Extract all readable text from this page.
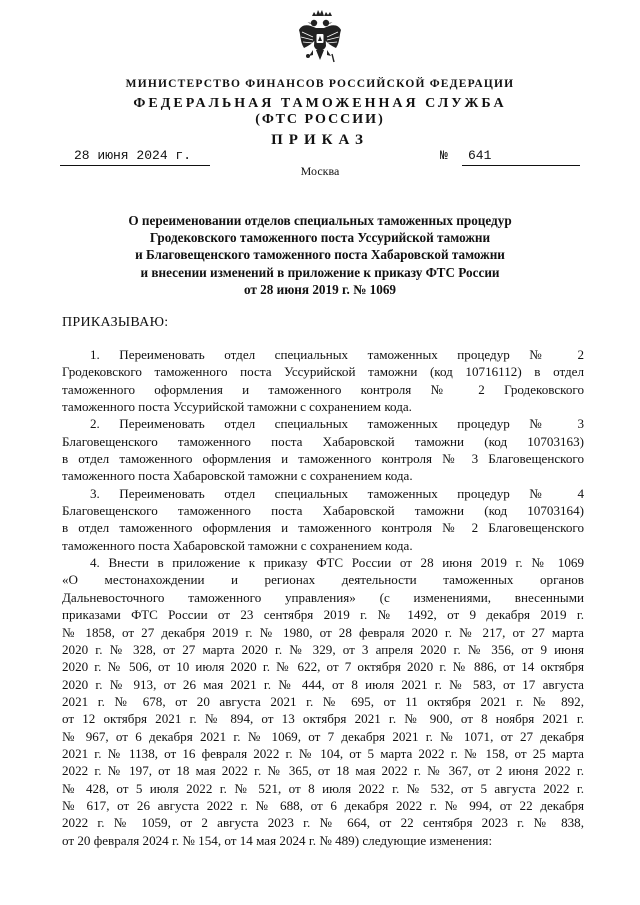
МИНИСТЕРСТВО ФИНАНСОВ РОССИЙСКОЙ ФЕДЕРАЦИИ
ФЕДЕРАЛЬНАЯ ТАМОЖЕННАЯ СЛУЖБА
(ФТС РОССИИ)
ПРИКАЗ
28 июня 2024 г.	№	641
Москва
О переименовании отделов специальных таможенных процедур
Гродековского таможенного поста Уссурийской таможни
и Благовещенского таможенного поста Хабаровской таможни
и внесении изменений в приложение к приказу ФТС России
от 28 июня 2019 г. № 1069
ПРИКАЗЫВАЮ:
1. Переименовать отдел специальных таможенных процедур № 2
Гродековского таможенного поста Уссурийской таможни (код 10716112) в отдел
таможенного оформления и таможенного контроля № 2 Гродековского
таможенного поста Уссурийской таможни с сохранением кода.
2. Переименовать отдел специальных таможенных процедур № 3
Благовещенского таможенного поста Хабаровской таможни (код 10703163)
в отдел таможенного оформления и таможенного контроля № 3 Благовещенского
таможенного поста Хабаровской таможни с сохранением кода.
3. Переименовать отдел специальных таможенных процедур № 4
Благовещенского таможенного поста Хабаровской таможни (код 10703164)
в отдел таможенного оформления и таможенного контроля № 2 Благовещенского
таможенного поста Хабаровской таможни с сохранением кода.
4. Внести в приложение к приказу ФТС России от 28 июня 2019 г. № 1069
«О местонахождении и регионах деятельности таможенных органов
Дальневосточного таможенного управления» (с изменениями, внесенными
приказами ФТС России от 23 сентября 2019 г. № 1492, от 9 декабря 2019 г.
№ 1858, от 27 декабря 2019 г. № 1980, от 28 февраля 2020 г. № 217, от 27 марта
2020 г. № 328, от 27 марта 2020 г. № 329, от 3 апреля 2020 г. № 356, от 9 июня
2020 г. № 506, от 10 июля 2020 г. № 622, от 7 октября 2020 г. № 886, от 14 октября
2020 г. № 913, от 26 мая 2021 г. № 444, от 8 июля 2021 г. № 583, от 17 августа
2021 г. № 678, от 20 августа 2021 г. № 695, от 11 октября 2021 г. № 892,
от 12 октября 2021 г. № 894, от 13 октября 2021 г. № 900, от 8 ноября 2021 г.
№ 967, от 6 декабря 2021 г. № 1069, от 7 декабря 2021 г. № 1071, от 27 декабря
2021 г. № 1138, от 16 февраля 2022 г. № 104, от 5 марта 2022 г. № 158, от 25 марта
2022 г. № 197, от 18 мая 2022 г. № 365, от 18 мая 2022 г. № 367, от 2 июня 2022 г.
№ 428, от 5 июля 2022 г. № 521, от 8 июля 2022 г. № 532, от 5 августа 2022 г.
№ 617, от 26 августа 2022 г. № 688, от 6 декабря 2022 г. № 994, от 22 декабря
2022 г. № 1059, от 2 августа 2023 г. № 664, от 22 сентября 2023 г. № 838,
от 20 февраля 2024 г. № 154, от 14 мая 2024 г. № 489) следующие изменения:
